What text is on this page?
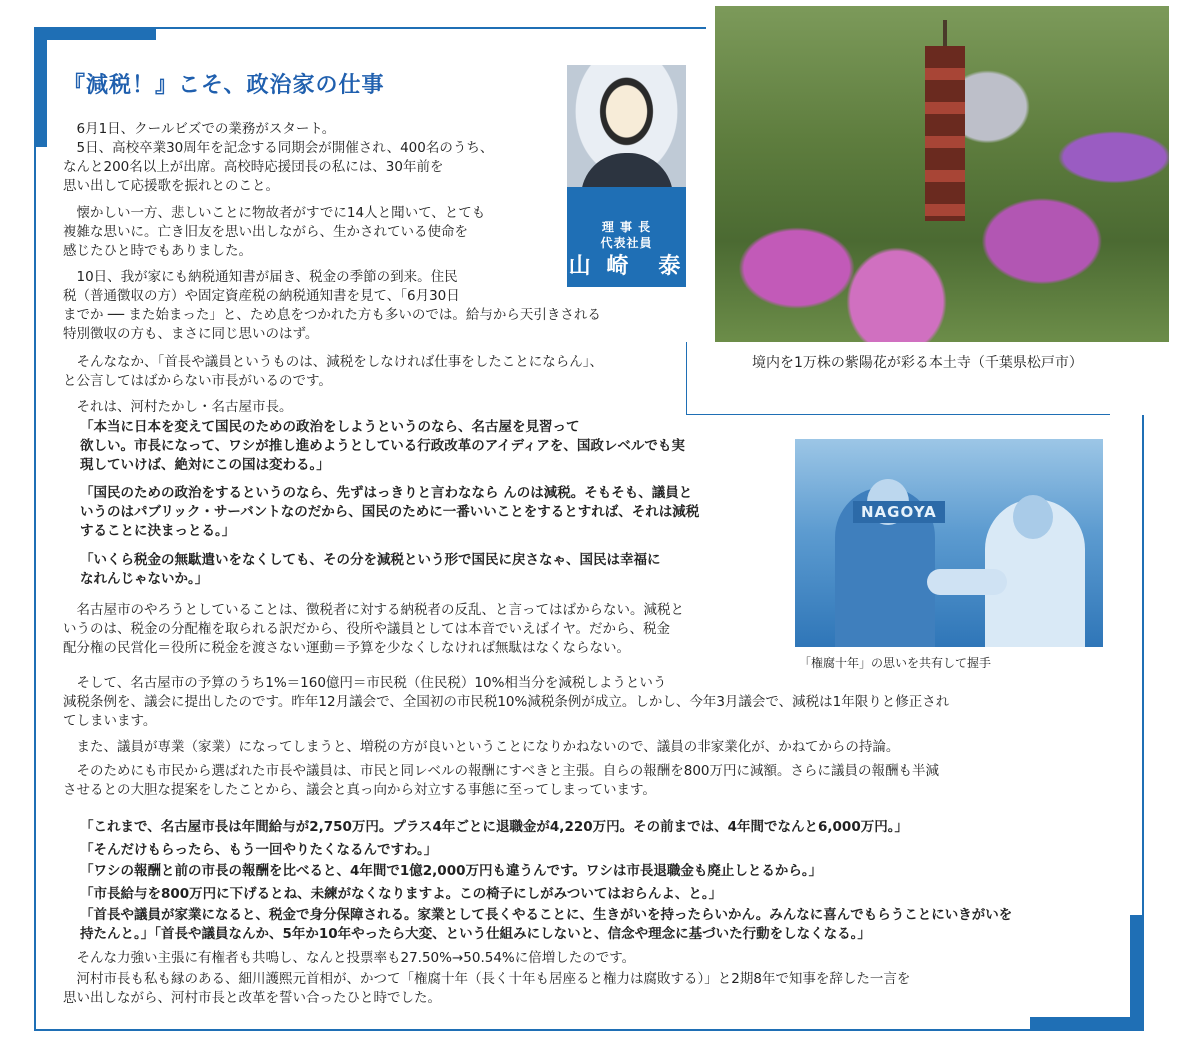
『減税！』こそ、政治家の仕事
理 事 長
代表社員
山 崎　泰
境内を1万株の紫陽花が彩る本土寺（千葉県松戸市）
NAGOYA
「権腐十年」の思いを共有して握手

　6月1日、クールビズでの業務がスタート。

　5日、高校卒業30周年を記念する同期会が開催され、400名のうち、
なんと200名以上が出席。高校時応援団長の私には、30年前を
思い出して応援歌を振れとのこと。

　懐かしい一方、悲しいことに物故者がすでに14人と聞いて、とても
複雑な思いに。亡き旧友を思い出しながら、生かされている使命を
感じたひと時でもありました。

　10日、我が家にも納税通知書が届き、税金の季節の到来。住民
税（普通徴収の方）や固定資産税の納税通知書を見て、「6月30日
までか ── また始まった」と、ため息をつかれた方も多いのでは。給与から天引きされる
特別徴収の方も、まさに同じ思いのはず。

　そんななか、「首長や議員というものは、減税をしなければ仕事をしたことにならん」、
と公言してはばからない市長がいるのです。

　それは、河村たかし・名古屋市長。

「本当に日本を変えて国民のための政治をしようというのなら、名古屋を見習って
欲しい。市長になって、ワシが推し進めようとしている行政改革のアイディアを、国政レベルでも実
現していけば、絶対にこの国は変わる。」

「国民のための政治をするというのなら、先ずはっきりと言わななら んのは減税。そもそも、議員と
いうのはパブリック・サーバントなのだから、国民のために一番いいことをするとすれば、それは減税
することに決まっとる。」

「いくら税金の無駄遣いをなくしても、その分を減税という形で国民に戻さなゃ、国民は幸福に
なれんじゃないか。」

　名古屋市のやろうとしていることは、徴税者に対する納税者の反乱、と言ってはばからない。減税と
いうのは、税金の分配権を取られる訳だから、役所や議員としては本音でいえばイヤ。だから、税金
配分権の民営化＝役所に税金を渡さない運動＝予算を少なくしなければ無駄はなくならない。

　そして、名古屋市の予算のうち1%＝160億円＝市民税（住民税）10%相当分を減税しようという
減税条例を、議会に提出したのです。昨年12月議会で、全国初の市民税10%減税条例が成立。しかし、今年3月議会で、減税は1年限りと修正され
てしまいます。

　また、議員が専業（家業）になってしまうと、増税の方が良いということになりかねないので、議員の非家業化が、かねてからの持論。

　そのためにも市民から選ばれた市長や議員は、市民と同レベルの報酬にすべきと主張。自らの報酬を800万円に減額。さらに議員の報酬も半減
させるとの大胆な提案をしたことから、議会と真っ向から対立する事態に至ってしまっています。

「これまで、名古屋市長は年間給与が2,750万円。プラス4年ごとに退職金が4,220万円。その前までは、4年間でなんと6,000万円。」

「そんだけもらったら、もう一回やりたくなるんですわ。」

「ワシの報酬と前の市長の報酬を比べると、4年間で1億2,000万円も違うんです。ワシは市長退職金も廃止しとるから。」

「市長給与を800万円に下げるとね、未練がなくなりますよ。この椅子にしがみついてはおらんよ、と。」

「首長や議員が家業になると、税金で身分保障される。家業として長くやることに、生きがいを持ったらいかん。みんなに喜んでもらうことにいきがいを
持たんと。」「首長や議員なんか、5年か10年やったら大変、という仕組みにしないと、信念や理念に基づいた行動をしなくなる。」

　そんな力強い主張に有権者も共鳴し、なんと投票率も27.50%→50.54%に倍増したのです。

　河村市長も私も縁のある、細川護熙元首相が、かつて「権腐十年（長く十年も居座ると権力は腐敗する）」と2期8年で知事を辞した一言を
思い出しながら、河村市長と改革を誓い合ったひと時でした。
